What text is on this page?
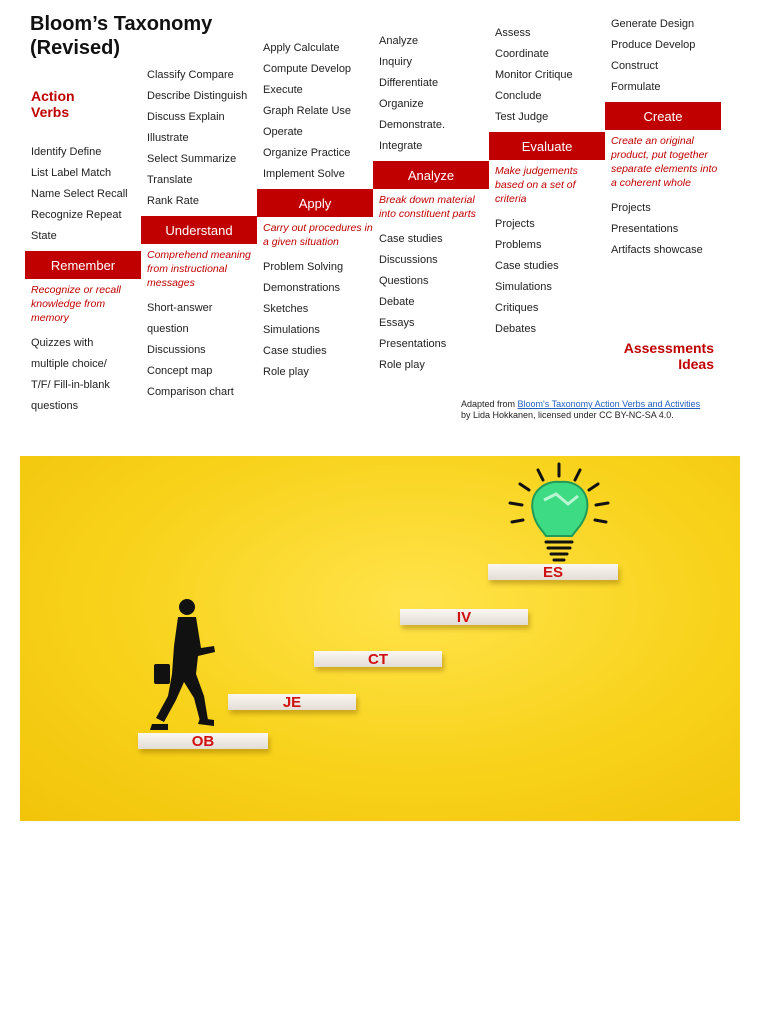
Bloom’s Taxonomy
(Revised)
Action
Verbs
Identify Define
List Label Match
Name Select Recall
Recognize Repeat
State
Remember
Recognize or recall knowledge from memory
Quizzes with
multiple choice/
T/F/ Fill-in-blank
questions
Classify Compare
Describe Distinguish
Discuss Explain
Illustrate
Select Summarize
Translate
Rank Rate
Understand
Comprehend meaning from instructional messages
Short-answer
question
Discussions
Concept map
Comparison chart
Apply Calculate
Compute Develop
Execute
Graph Relate Use
Operate
Organize Practice
Implement Solve
Apply
Carry out procedures in a given situation
Problem Solving
Demonstrations
Sketches
Simulations
Case studies
Role play
Analyze
Inquiry
Differentiate
Organize
Demonstrate.
Integrate
Analyze
Break down material into constituent parts
Case studies
Discussions
Questions
Debate
Essays
Presentations
Role play
Assess
Coordinate
Monitor Critique
Conclude
Test Judge
Evaluate
Make judgements based on a set of criteria
Projects
Problems
Case studies
Simulations
Critiques
Debates
Generate Design
Produce Develop
Construct
Formulate
Create
Create an original product, put together separate elements into a coherent whole
Projects
Presentations
Artifacts showcase
Assessments
Ideas
Adapted from Bloom's Taxonomy Action Verbs and Activities by Lida Hokkanen, licensed under CC BY-NC-SA 4.0.
OB
JE
CT
IV
ES
